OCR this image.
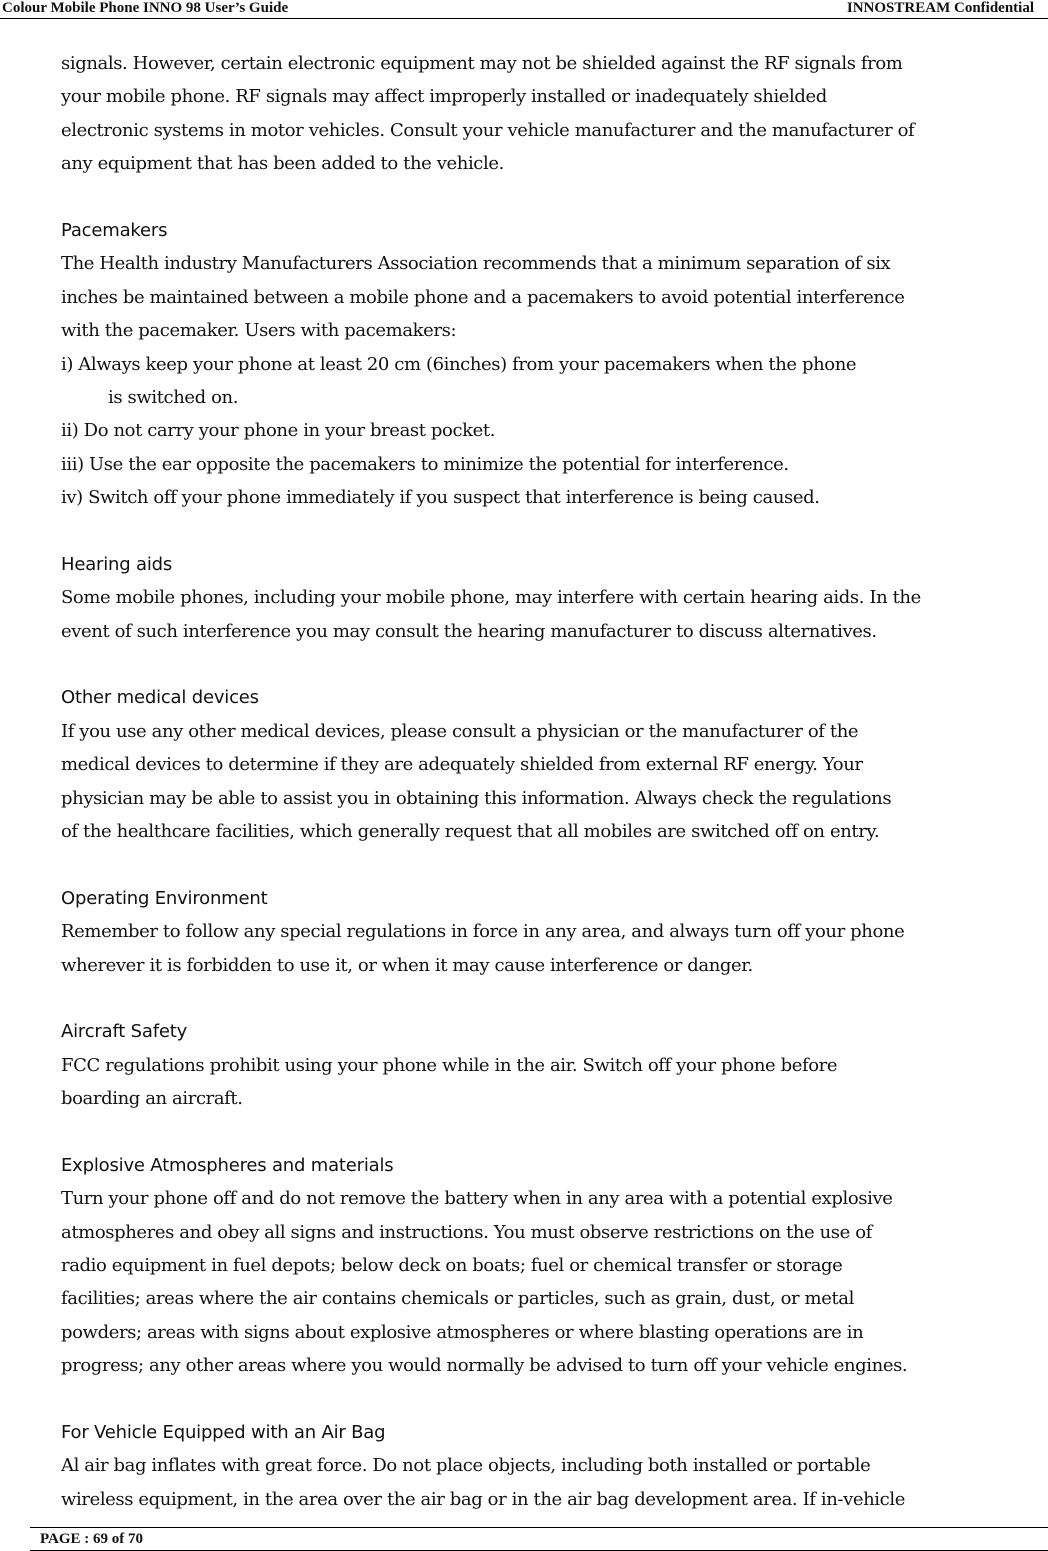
Colour Mobile Phone INNO 98 User’s Guide	INNOSTREAM Confidential
signals. However, certain electronic equipment may not be shielded against the RF signals from
your mobile phone. RF signals may affect improperly installed or inadequately shielded
electronic systems in motor vehicles. Consult your vehicle manufacturer and the manufacturer of
any equipment that has been added to the vehicle.
Pacemakers
The Health industry Manufacturers Association recommends that a minimum separation of six
inches be maintained between a mobile phone and a pacemakers to avoid potential interference
with the pacemaker. Users with pacemakers:
i) Always keep your phone at least 20 cm (6inches) from your pacemakers when the phone
is switched on.
ii) Do not carry your phone in your breast pocket.
iii) Use the ear opposite the pacemakers to minimize the potential for interference.
iv) Switch off your phone immediately if you suspect that interference is being caused.
Hearing aids
Some mobile phones, including your mobile phone, may interfere with certain hearing aids. In the
event of such interference you may consult the hearing manufacturer to discuss alternatives.
Other medical devices
If you use any other medical devices, please consult a physician or the manufacturer of the
medical devices to determine if they are adequately shielded from external RF energy. Your
physician may be able to assist you in obtaining this information. Always check the regulations
of the healthcare facilities, which generally request that all mobiles are switched off on entry.
Operating Environment
Remember to follow any special regulations in force in any area, and always turn off your phone
wherever it is forbidden to use it, or when it may cause interference or danger.
Aircraft Safety
FCC regulations prohibit using your phone while in the air. Switch off your phone before
boarding an aircraft.
Explosive Atmospheres and materials
Turn your phone off and do not remove the battery when in any area with a potential explosive
atmospheres and obey all signs and instructions. You must observe restrictions on the use of
radio equipment in fuel depots; below deck on boats; fuel or chemical transfer or storage
facilities; areas where the air contains chemicals or particles, such as grain, dust, or metal
powders; areas with signs about explosive atmospheres or where blasting operations are in
progress; any other areas where you would normally be advised to turn off your vehicle engines.
For Vehicle Equipped with an Air Bag
Al air bag inflates with great force. Do not place objects, including both installed or portable
wireless equipment, in the area over the air bag or in the air bag development area. If in-vehicle
PAGE : 69 of 70
